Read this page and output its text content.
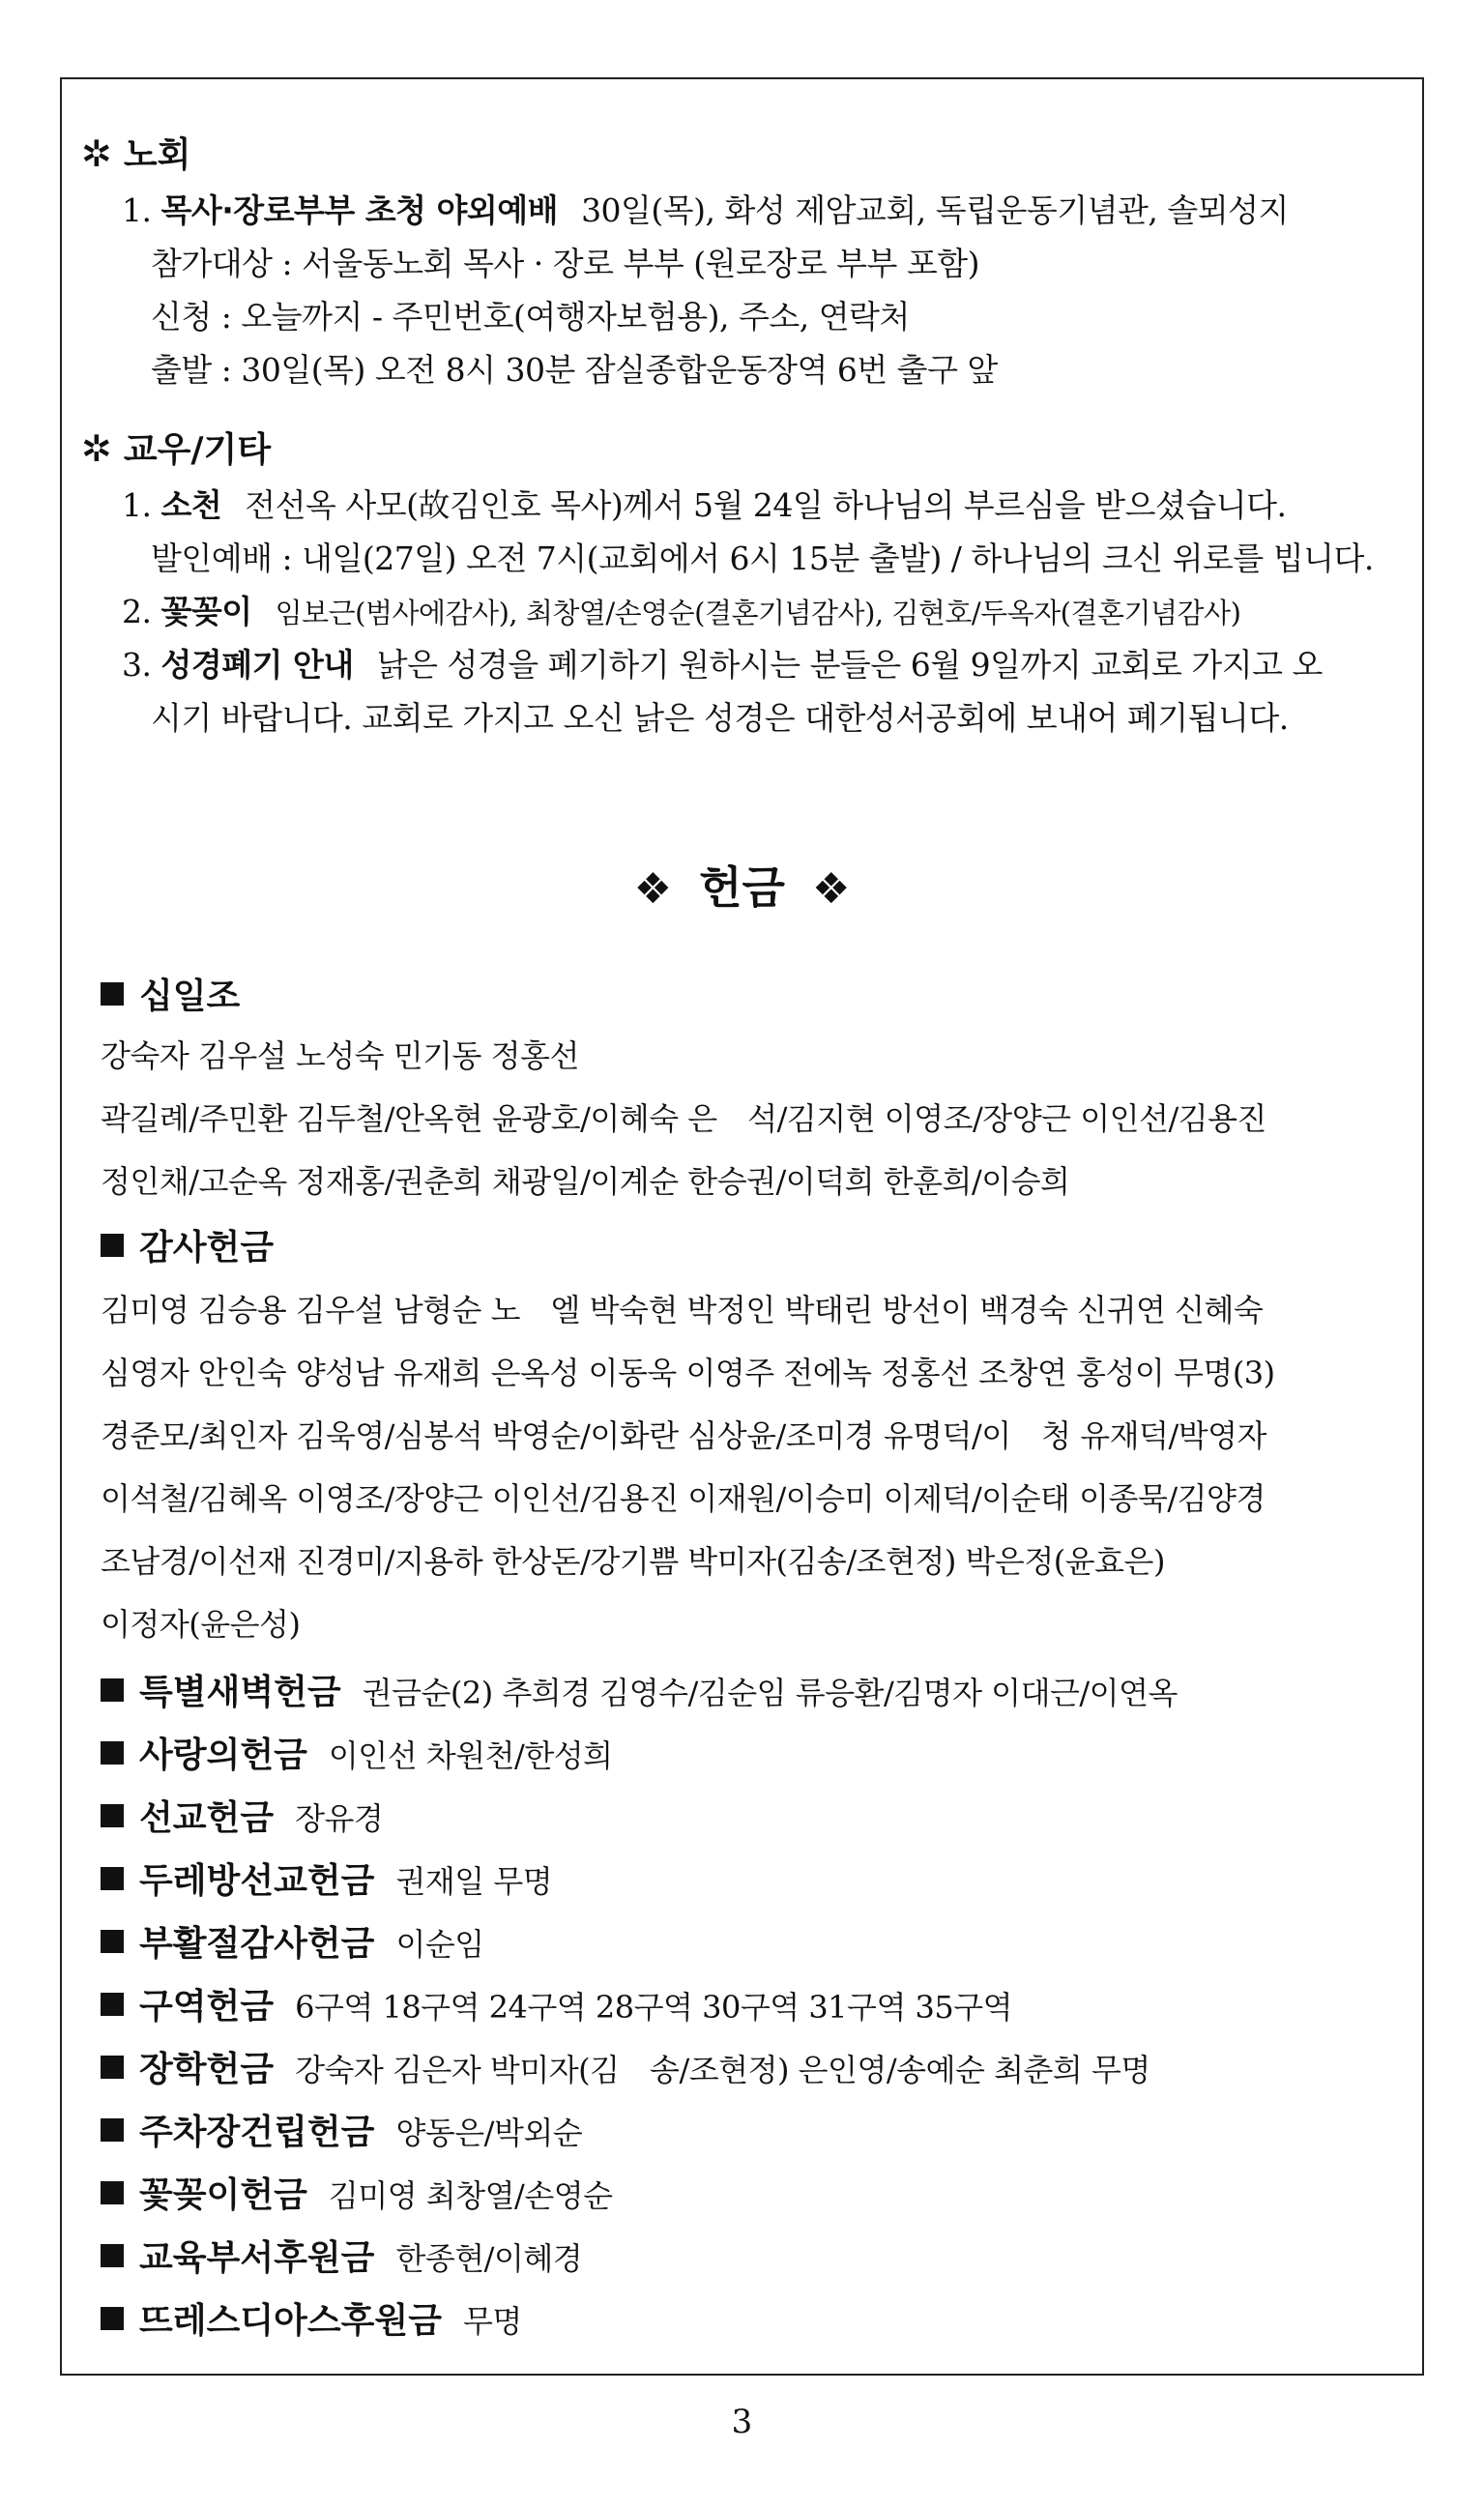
✲ 노회
1. 목사·장로부부 초청 야외예배 30일(목), 화성 제암교회, 독립운동기념관, 솔뫼성지
참가대상 : 서울동노회 목사 · 장로 부부 (원로장로 부부 포함)
신청 : 오늘까지 - 주민번호(여행자보험용), 주소, 연락처
출발 : 30일(목) 오전 8시 30분 잠실종합운동장역 6번 출구 앞
✲ 교우/기타
1. 소천 전선옥 사모(故김인호 목사)께서 5월 24일 하나님의 부르심을 받으셨습니다.
발인예배 : 내일(27일) 오전 7시(교회에서 6시 15분 출발) / 하나님의 크신 위로를 빕니다.
2. 꽃꽂이 임보근(범사에감사), 최창열/손영순(결혼기념감사), 김현호/두옥자(결혼기념감사)
3. 성경폐기 안내 낡은 성경을 폐기하기 원하시는 분들은 6월 9일까지 교회로 가지고 오
시기 바랍니다. 교회로 가지고 오신 낡은 성경은 대한성서공회에 보내어 폐기됩니다.
❖ 헌금 ❖
십일조
강숙자 김우설 노성숙 민기동 정홍선
곽길례/주민환 김두철/안옥현 윤광호/이혜숙 은　석/김지현 이영조/장양근 이인선/김용진
정인채/고순옥 정재홍/권춘희 채광일/이계순 한승권/이덕희 한훈희/이승희
감사헌금
김미영 김승용 김우설 남형순 노　엘 박숙현 박정인 박태린 방선이 백경숙 신귀연 신혜숙
심영자 안인숙 양성남 유재희 은옥성 이동욱 이영주 전에녹 정홍선 조창연 홍성이 무명(3)
경준모/최인자 김욱영/심봉석 박영순/이화란 심상윤/조미경 유명덕/이　청 유재덕/박영자
이석철/김혜옥 이영조/장양근 이인선/김용진 이재원/이승미 이제덕/이순태 이종묵/김양경
조남경/이선재 진경미/지용하 한상돈/강기쁨 박미자(김송/조현정) 박은정(윤효은)
이정자(윤은성)
특별새벽헌금 권금순(2) 추희경 김영수/김순임 류응환/김명자 이대근/이연옥
사랑의헌금 이인선 차원천/한성희
선교헌금 장유경
두레방선교헌금 권재일 무명
부활절감사헌금 이순임
구역헌금 6구역 18구역 24구역 28구역 30구역 31구역 35구역
장학헌금 강숙자 김은자 박미자(김　송/조현정) 은인영/송예순 최춘희 무명
주차장건립헌금 양동은/박외순
꽃꽂이헌금 김미영 최창열/손영순
교육부서후원금 한종현/이혜경
뜨레스디아스후원금 무명
3
